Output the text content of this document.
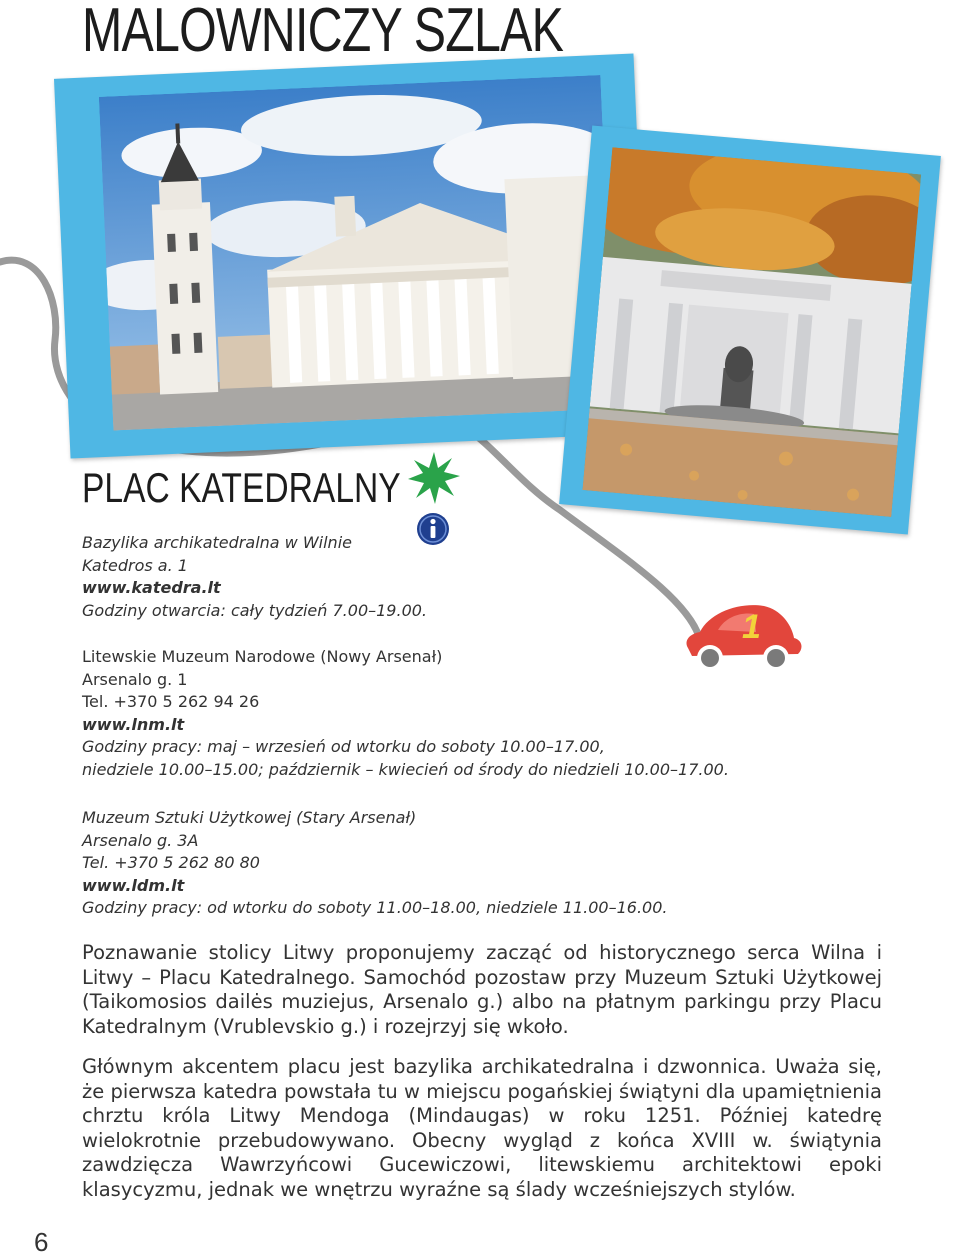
MALOWNICZY SZLAK
PLAC KATEDRALNY
1
Bazylika archikatedralna w Wilnie
Katedros a. 1
www.katedra.lt
Godziny otwarcia: cały tydzień 7.00–19.00.
Litewskie Muzeum Narodowe (Nowy Arsenał)
Arsenalo g. 1
Tel. +370 5 262 94 26
www.lnm.lt
Godziny pracy: maj – wrzesień od wtorku do soboty 10.00–17.00,
niedziele 10.00–15.00; październik – kwiecień od środy do niedzieli 10.00–17.00.
Muzeum Sztuki Użytkowej (Stary Arsenał)
Arsenalo g. 3A
Tel. +370 5 262 80 80
www.ldm.lt
Godziny pracy: od wtorku do soboty 11.00–18.00, niedziele 11.00–16.00.

Poznawanie stolicy Litwy proponujemy zacząć od historycznego serca Wilna i Litwy – Placu Katedralnego. Samochód pozostaw przy Muzeum Sztuki Użytkowej (Taikomosios dailės muziejus, Arsenalo g.) albo na płatnym parkingu przy Placu Katedralnym (Vrublevskio g.) i rozejrzyj się wkoło.

Głównym akcentem placu jest bazylika archikatedralna i dzwonnica. Uważa się, że pierwsza katedra powstała tu w miejscu pogańskiej świątyni dla upamiętnienia chrztu króla Litwy Mendoga (Mindaugas) w roku 1251. Później katedrę wielokrotnie przebudowywano. Obecny wygląd z końca XVIII w. świątynia zawdzięcza Wawrzyńcowi Gucewiczowi, litewskiemu architektowi epoki klasycyzmu, jednak we wnętrzu wyraźne są ślady wcześniejszych stylów.

6
